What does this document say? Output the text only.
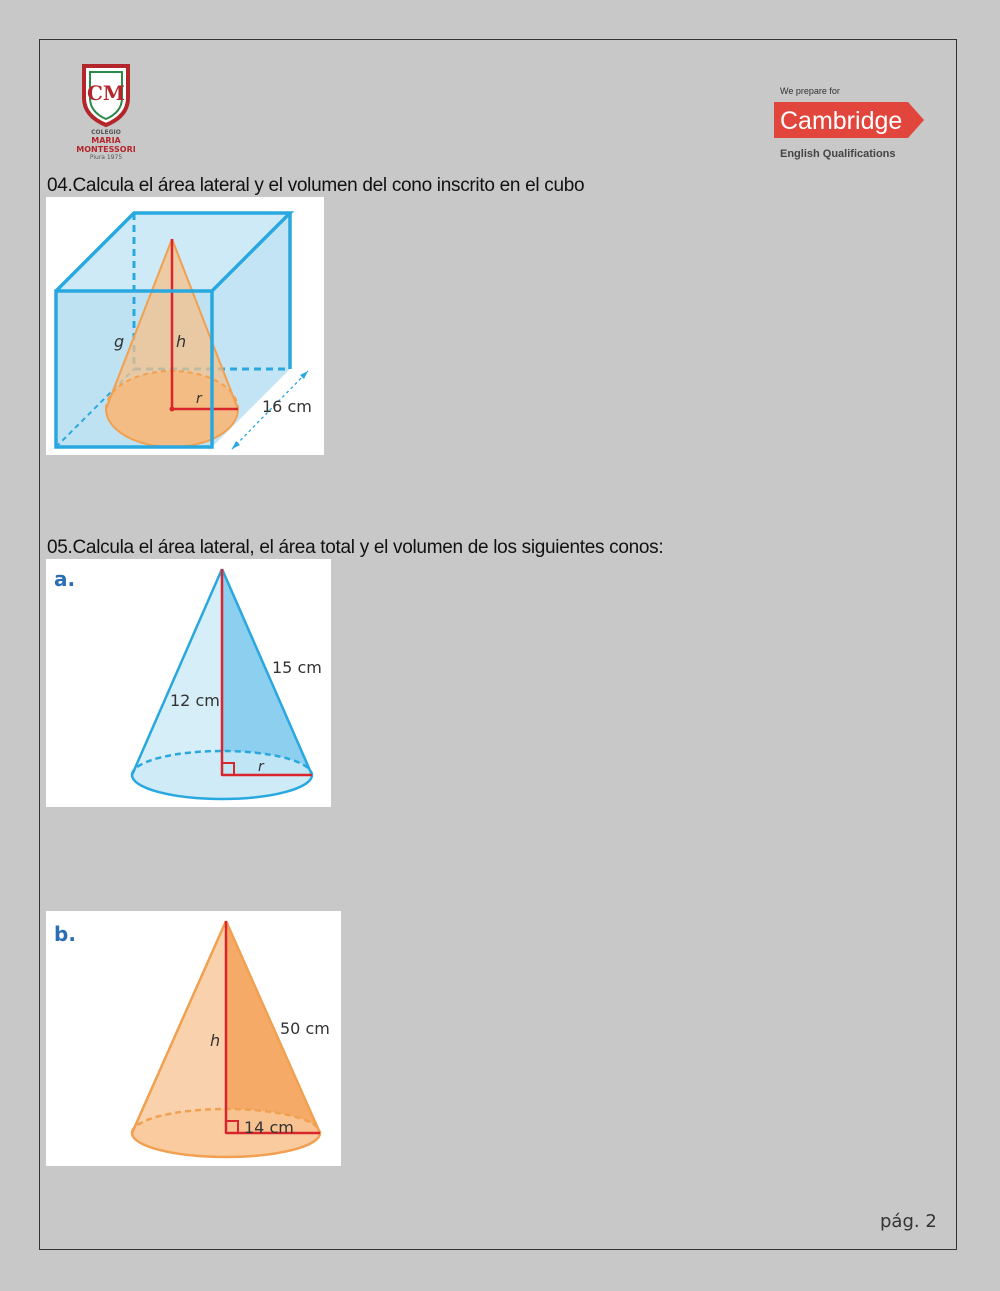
CM
COLEGIO
MARIA
MONTESSORI
Piura 1975
We prepare for
Cambridge
English Qualifications
04.Calcula el área lateral y el volumen del cono inscrito en el cubo
g	h
r	16 cm
05.Calcula el área lateral, el área total y el volumen de los siguientes conos:
a.
15 cm
12 cm
r
b.
50 cm
h
14 cm
pág. 2
